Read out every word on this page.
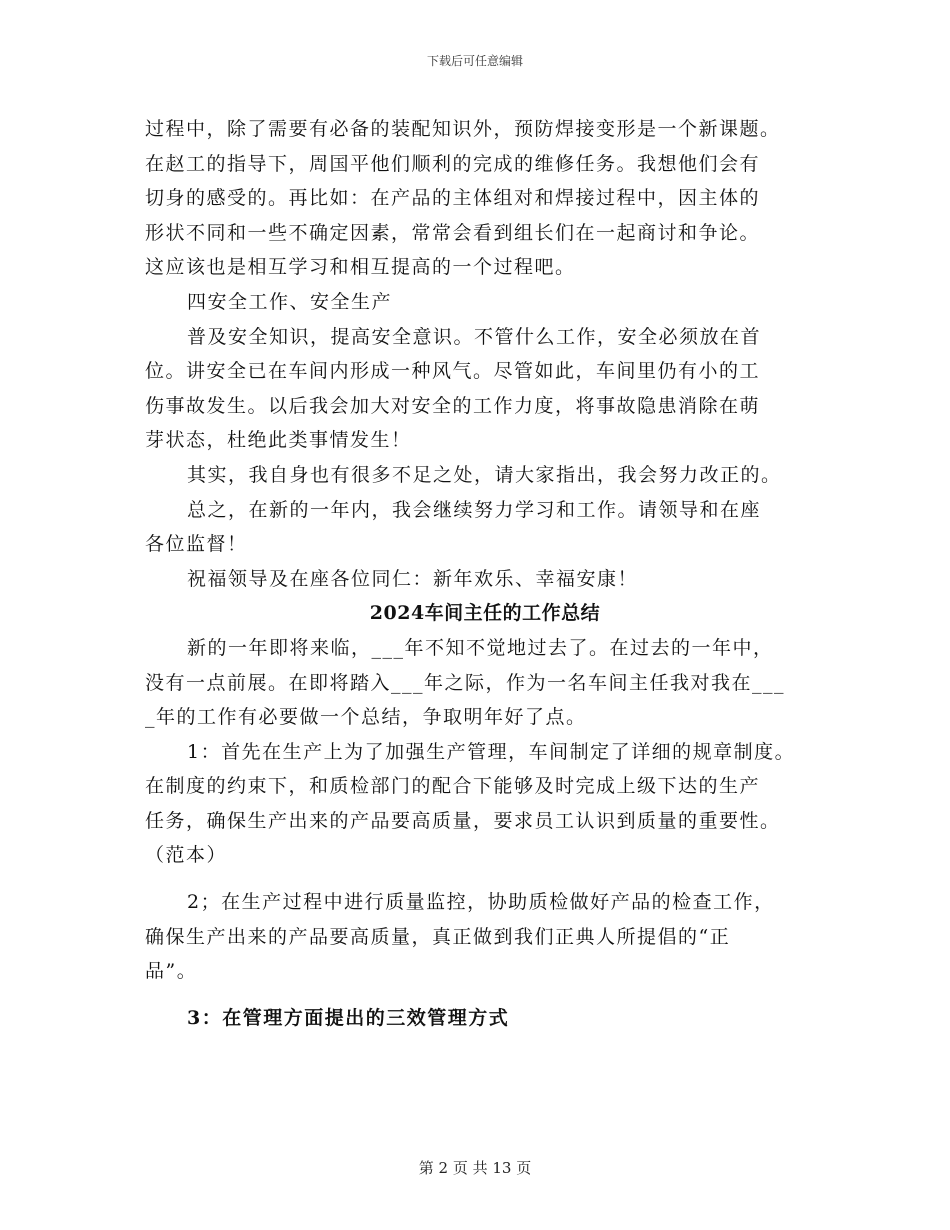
下载后可任意编辑
过程中，除了需要有必备的装配知识外，预防焊接变形是一个新课题。
在赵工的指导下，周国平他们顺利的完成的维修任务。我想他们会有
切身的感受的。再比如：在产品的主体组对和焊接过程中，因主体的
形状不同和一些不确定因素，常常会看到组长们在一起商讨和争论。
这应该也是相互学习和相互提高的一个过程吧。
四安全工作、安全生产
普及安全知识，提高安全意识。不管什么工作，安全必须放在首
位。讲安全已在车间内形成一种风气。尽管如此，车间里仍有小的工
伤事故发生。以后我会加大对安全的工作力度，将事故隐患消除在萌
芽状态，杜绝此类事情发生！
其实，我自身也有很多不足之处，请大家指出，我会努力改正的。
总之，在新的一年内，我会继续努力学习和工作。请领导和在座
各位监督！
祝福领导及在座各位同仁：新年欢乐、幸福安康！
2024车间主任的工作总结
新的一年即将来临，___年不知不觉地过去了。在过去的一年中，
没有一点前展。在即将踏入___年之际，作为一名车间主任我对我在___
_年的工作有必要做一个总结，争取明年好了点。
1：首先在生产上为了加强生产管理，车间制定了详细的规章制度。
在制度的约束下，和质检部门的配合下能够及时完成上级下达的生产
任务，确保生产出来的产品要高质量，要求员工认识到质量的重要性。
（范本）
2；在生产过程中进行质量监控，协助质检做好产品的检查工作，
确保生产出来的产品要高质量，真正做到我们正典人所提倡的“正
品”。
3：在管理方面提出的三效管理方式
第 2 页 共 13 页
